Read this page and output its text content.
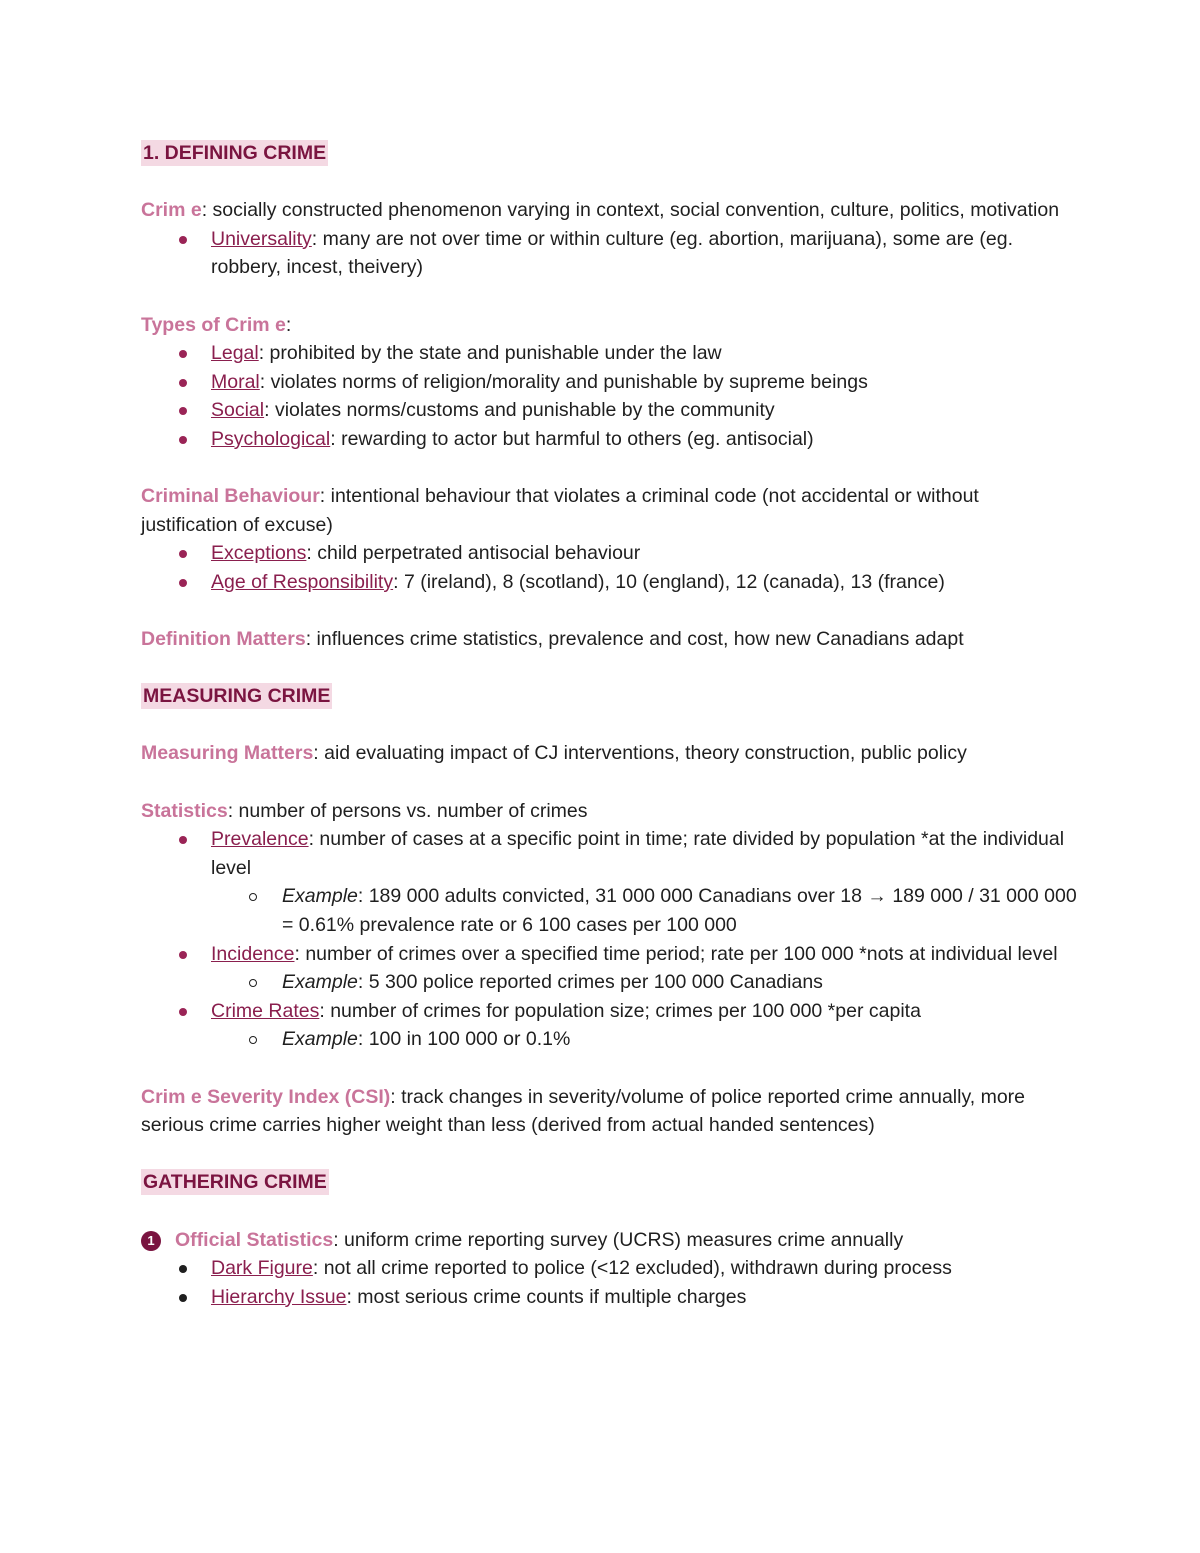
1. DEFINING CRIME

Crim e: socially constructed phenomenon varying in context, social convention, culture, politics, motivation

Universality: many are not over time or within culture (eg. abortion, marijuana), some are (eg. robbery, incest, theivery)

Types of Crim e:

Legal: prohibited by the state and punishable under the law
Moral: violates norms of religion/morality and punishable by supreme beings
Social: violates norms/customs and punishable by the community
Psychological: rewarding to actor but harmful to others (eg. antisocial)

Criminal Behaviour: intentional behaviour that violates a criminal code (not accidental or without justification of excuse)

Exceptions: child perpetrated antisocial behaviour
Age of Responsibility: 7 (ireland), 8 (scotland), 10 (england), 12 (canada), 13 (france)

Definition Matters: influences crime statistics, prevalence and cost, how new Canadians adapt

MEASURING CRIME

Measuring Matters: aid evaluating impact of CJ interventions, theory construction, public policy

Statistics: number of persons vs. number of crimes

Prevalence: number of cases at a specific point in time; rate divided by population *at the individual level
Example: 189 000 adults convicted, 31 000 000 Canadians over 18 → 189 000 / 31 000 000 = 0.61% prevalence rate or 6 100 cases per 100 000
Incidence: number of crimes over a specified time period; rate per 100 000 *nots at individual level
Example: 5 300 police reported crimes per 100 000 Canadians
Crime Rates: number of crimes for population size; crimes per 100 000 *per capita
Example: 100 in 100 000 or 0.1%

Crim e Severity Index (CSI): track changes in severity/volume of police reported crime annually, more serious crime carries higher weight than less (derived from actual handed sentences)

GATHERING CRIME

1	Official Statistics: uniform crime reporting survey (UCRS) measures crime annually

Dark Figure: not all crime reported to police (<12 excluded), withdrawn during process
Hierarchy Issue: most serious crime counts if multiple charges
